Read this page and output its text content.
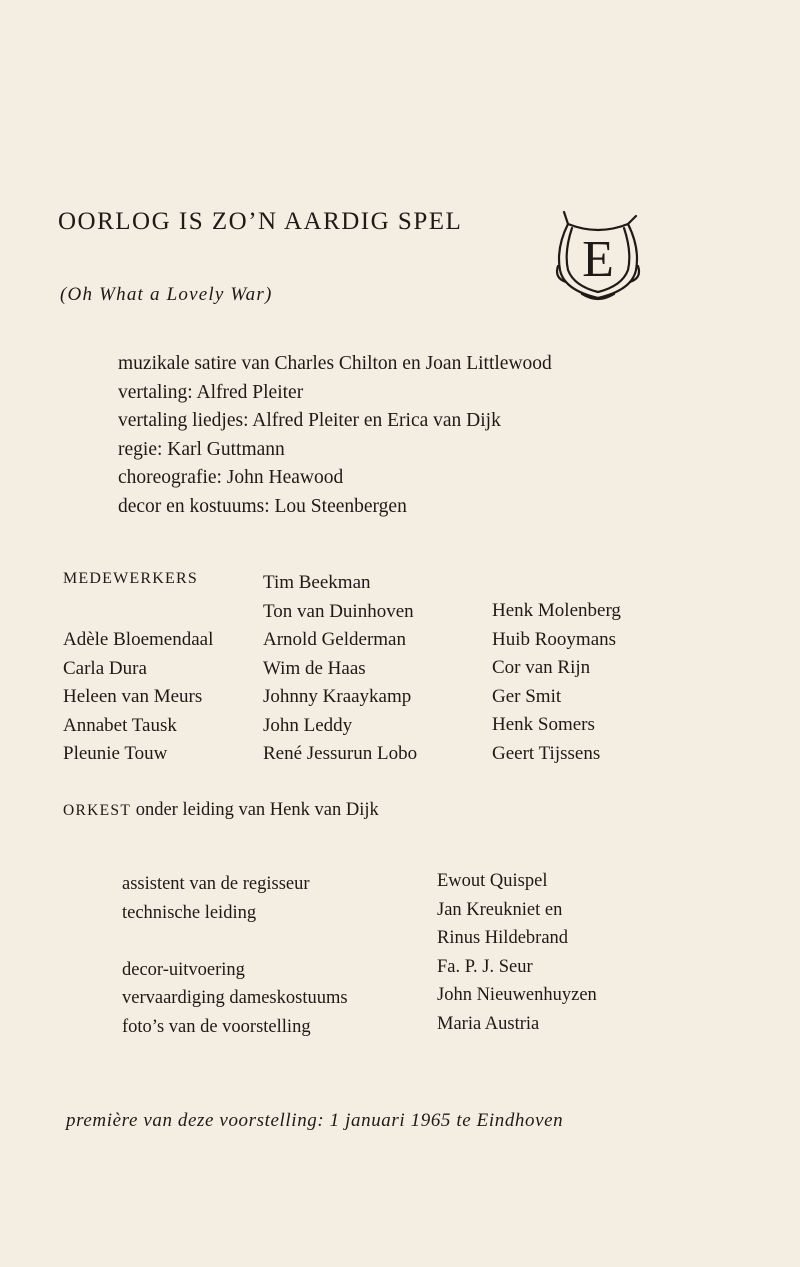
OORLOG IS ZO’N AARDIG SPEL
(Oh What a Lovely War)
E
muzikale satire van Charles Chilton en Joan Littlewood
vertaling: Alfred Pleiter
vertaling liedjes: Alfred Pleiter en Erica van Dijk
regie: Karl Guttmann
choreografie: John Heawood
decor en kostuums: Lou Steenbergen
MEDEWERKERS
Adèle Bloemendaal
Carla Dura
Heleen van Meurs
Annabet Tausk
Pleunie Touw
Tim Beekman
Ton van Duinhoven
Arnold Gelderman
Wim de Haas
Johnny Kraaykamp
John Leddy
René Jessurun Lobo
Henk Molenberg
Huib Rooymans
Cor van Rijn
Ger Smit
Henk Somers
Geert Tijssens
ORKEST onder leiding van Henk van Dijk
assistent van de regisseur
technische leiding
decor-uitvoering
vervaardiging dameskostuums
foto’s van de voorstelling
Ewout Quispel
Jan Kreukniet en
Rinus Hildebrand
Fa. P. J. Seur
John Nieuwenhuyzen
Maria Austria
première van deze voorstelling: 1 januari 1965 te Eindhoven
